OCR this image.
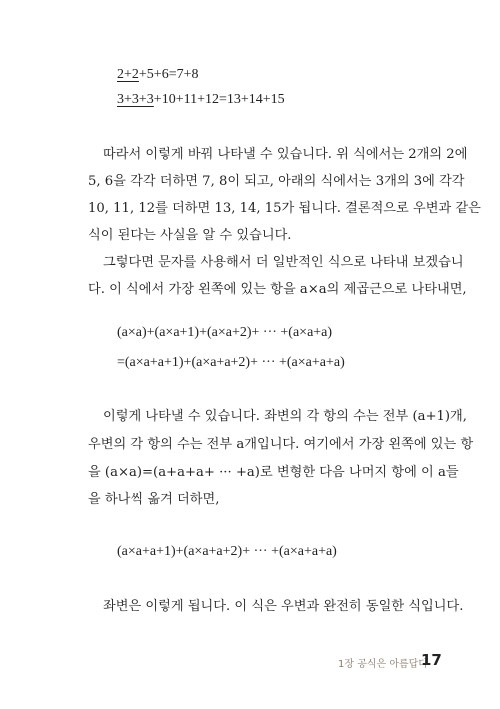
2+2+5+6=7+8
3+3+3+10+11+12=13+14+15
따라서 이렇게 바꿔 나타낼 수 있습니다. 위 식에서는 2개의 2에
5, 6을 각각 더하면 7, 8이 되고, 아래의 식에서는 3개의 3에 각각
10, 11, 12를 더하면 13, 14, 15가 됩니다. 결론적으로 우변과 같은
식이 된다는 사실을 알 수 있습니다.
그렇다면 문자를 사용해서 더 일반적인 식으로 나타내 보겠습니
다. 이 식에서 가장 왼쪽에 있는 항을 a×a의 제곱근으로 나타내면,
(a×a)+(a×a+1)+(a×a+2)+ ··· +(a×a+a)
=(a×a+a+1)+(a×a+a+2)+ ··· +(a×a+a+a)
이렇게 나타낼 수 있습니다. 좌변의 각 항의 수는 전부 (a+1)개,
우변의 각 항의 수는 전부 a개입니다. 여기에서 가장 왼쪽에 있는 항
을 (a×a)=(a+a+a+ ··· +a)로 변형한 다음 나머지 항에 이 a들
을 하나씩 옮겨 더하면,
(a×a+a+1)+(a×a+a+2)+ ··· +(a×a+a+a)
좌변은 이렇게 됩니다. 이 식은 우변과 완전히 동일한 식입니다.
1장 공식은 아름답다
17
